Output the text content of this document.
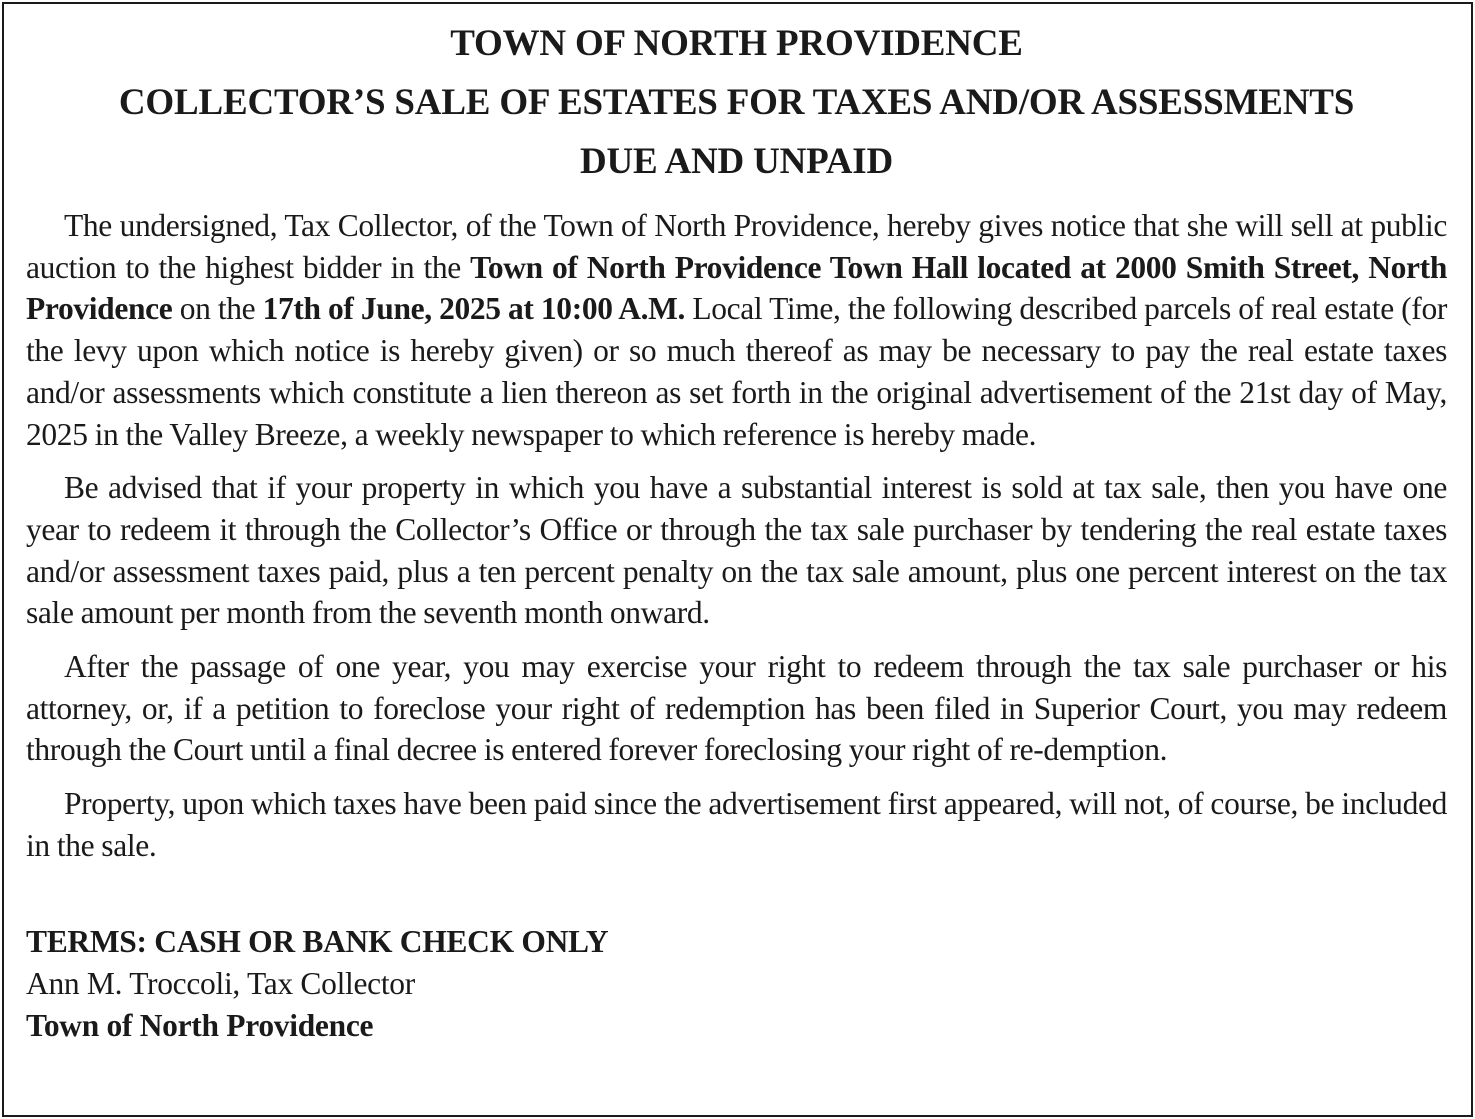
TOWN OF NORTH PROVIDENCE
COLLECTOR’S SALE OF ESTATES FOR TAXES AND/OR ASSESSMENTS
DUE AND UNPAID

The undersigned, Tax Collector, of the Town of North Providence, hereby gives notice that she will sell at public auction to the highest bidder in the Town of North Providence Town Hall located at 2000 Smith Street, North Providence on the 17th of June, 2025 at 10:00 A.M. Local Time, the following described parcels of real estate (for the levy upon which notice is hereby given) or so much thereof as may be necessary to pay the real estate taxes and/or assessments which constitute a lien thereon as set forth in the original advertisement of the 21st day of May, 2025 in the Valley Breeze, a weekly newspaper to which reference is hereby made.

Be advised that if your property in which you have a substantial interest is sold at tax sale, then you have one year to redeem it through the Collector’s Office or through the tax sale purchaser by tendering the real estate taxes and/or assessment taxes paid, plus a ten percent penalty on the tax sale amount, plus one percent interest on the tax sale amount per month from the seventh month onward.

After the passage of one year, you may exercise your right to redeem through the tax sale purchaser or his attorney, or, if a petition to foreclose your right of redemption has been filed in Superior Court, you may redeem through the Court until a final decree is entered forever foreclosing your right of re-demption.

Property, upon which taxes have been paid since the advertisement first appeared, will not, of course, be included in the sale.

TERMS: CASH OR BANK CHECK ONLY
Ann M. Troccoli, Tax Collector
Town of North Providence
